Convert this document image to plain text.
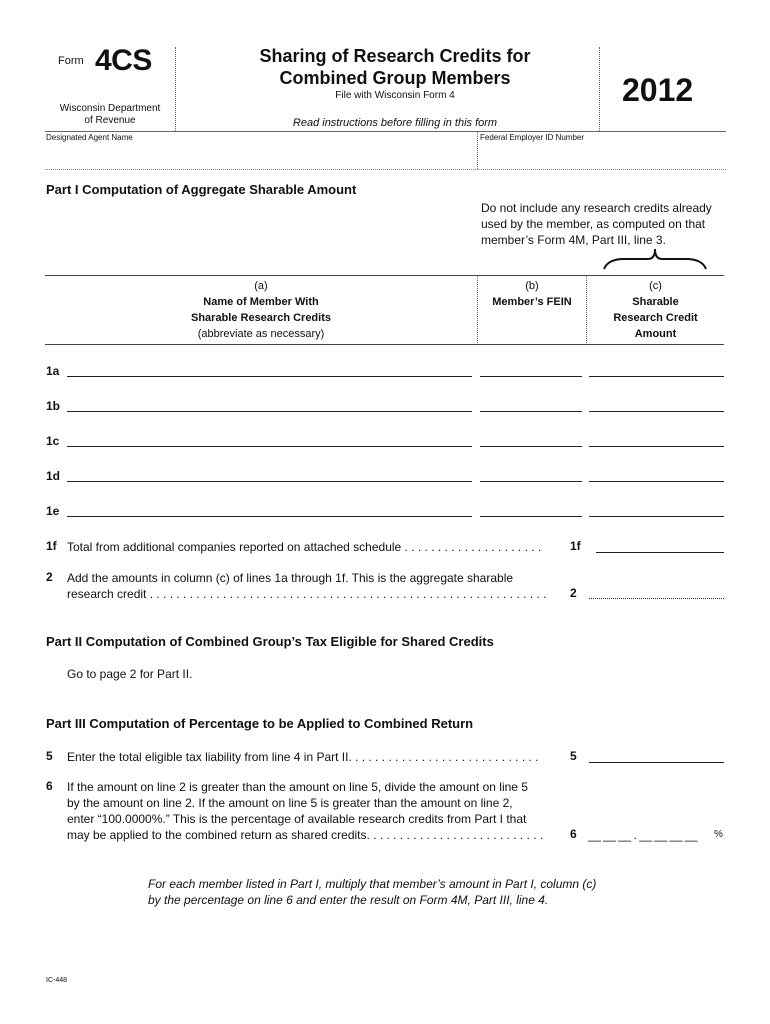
Form 4CS
Wisconsin Department of Revenue
Sharing of Research Credits for
Combined Group Members
File with Wisconsin Form 4
Read instructions before filling in this form
2012
Designated Agent Name	Federal Employer ID Number
Part I Computation of Aggregate Sharable Amount
Do not include any research credits already used by the member, as computed on that member’s Form 4M, Part III, line 3.
(a)
Name of Member With
Sharable Research Credits
(abbreviate as necessary)
(b)
Member’s FEIN
(c)
Sharable
Research Credit
Amount
1a
1b
1c
1d
1e
1f Total from additional companies reported on attached schedule . . . . . . . . . . . . . . . . . . . . .	1f
2 Add the amounts in column (c) of lines 1a through 1f. This is the aggregate sharable
research credit . . . . . . . . . . . . . . . . . . . . . . . . . . . . . . . . . . . . . . . . . . . . . . . . . . . . . . . . . . . .	2
Part II Computation of Combined Group’s Tax Eligible for Shared Credits
Go to page 2 for Part II.
Part III Computation of Percentage to be Applied to Combined Return
5 Enter the total eligible tax liability from line 4 in Part II. . . . . . . . . . . . . . . . . . . . . . . . . . . . .	5
6 If the amount on line 2 is greater than the amount on line 5, divide the amount on line 5
by the amount on line 2. If the amount on line 5 is greater than the amount on line 2,
enter “100.0000%.” This is the percentage of available research credits from Part I that
may be applied to the combined return as shared credits. . . . . . . . . . . . . . . . . . . . . . . . . . .	6 __ __ __ . __ __ __ __ %
For each member listed in Part I, multiply that member’s amount in Part I, column (c)
by the percentage on line 6 and enter the result on Form 4M, Part III, line 4.
IC-448
